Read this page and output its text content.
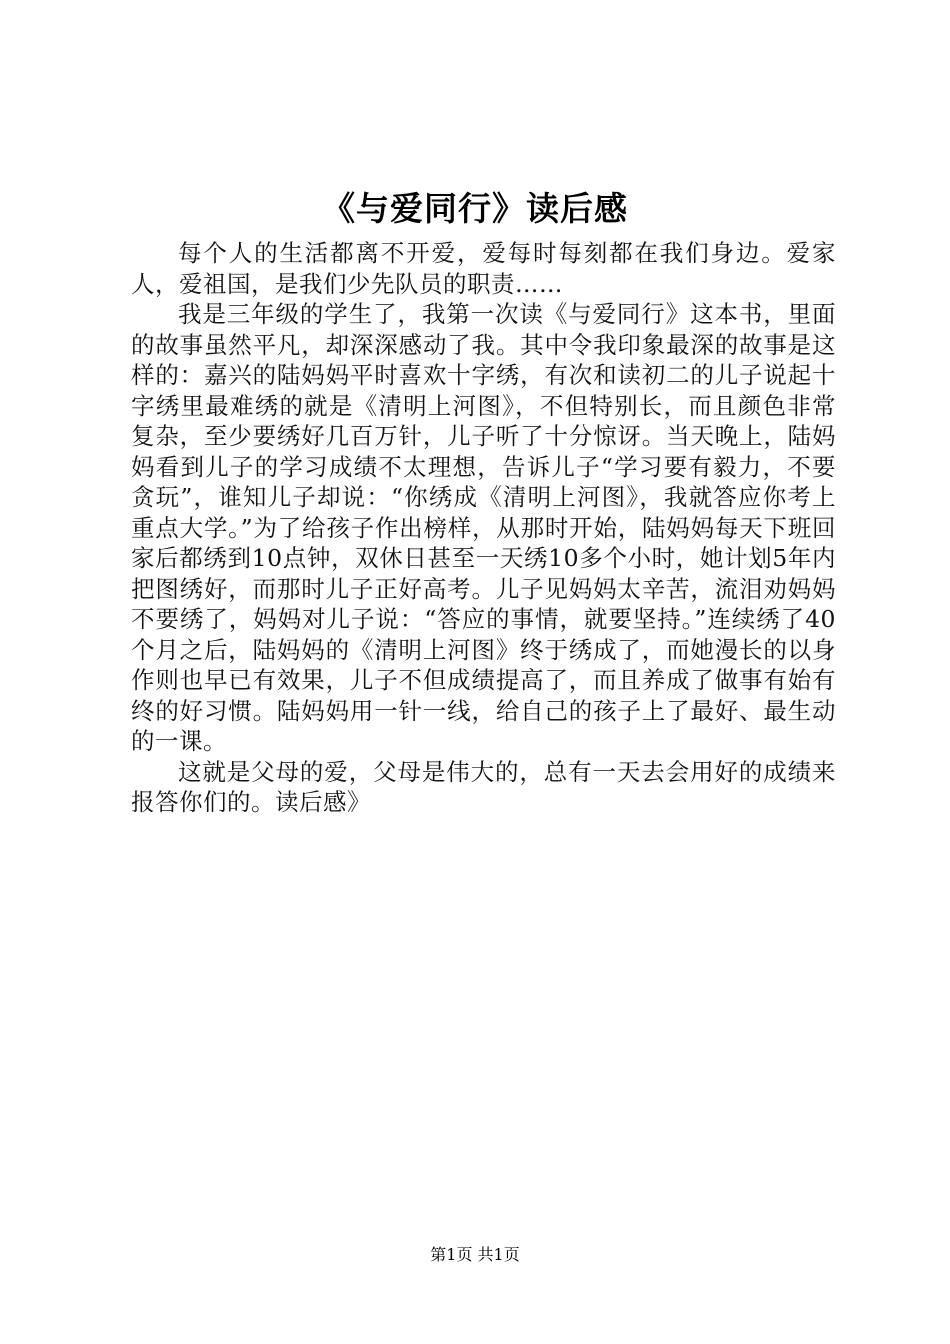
《与爱同行》读后感

每个人的生活都离不开爱，爱每时每刻都在我们身边。爱家人，爱祖国，是我们少先队员的职责……

我是三年级的学生了，我第一次读《与爱同行》这本书，里面的故事虽然平凡，却深深感动了我。其中令我印象最深的故事是这样的：嘉兴的陆妈妈平时喜欢十字绣，有次和读初二的儿子说起十字绣里最难绣的就是《清明上河图》，不但特别长，而且颜色非常复杂，至少要绣好几百万针，儿子听了十分惊讶。当天晚上，陆妈妈看到儿子的学习成绩不太理想，告诉儿子“学习要有毅力，不要贪玩”，谁知儿子却说：“你绣成《清明上河图》，我就答应你考上重点大学。”为了给孩子作出榜样，从那时开始，陆妈妈每天下班回家后都绣到10点钟，双休日甚至一天绣10多个小时，她计划5年内把图绣好，而那时儿子正好高考。儿子见妈妈太辛苦，流泪劝妈妈不要绣了，妈妈对儿子说：“答应的事情，就要坚持。”连续绣了40个月之后，陆妈妈的《清明上河图》终于绣成了，而她漫长的以身作则也早已有效果，儿子不但成绩提高了，而且养成了做事有始有终的好习惯。陆妈妈用一针一线，给自己的孩子上了最好、最生动的一课。

这就是父母的爱，父母是伟大的，总有一天去会用好的成绩来报答你们的。读后感》

第1页 共1页
